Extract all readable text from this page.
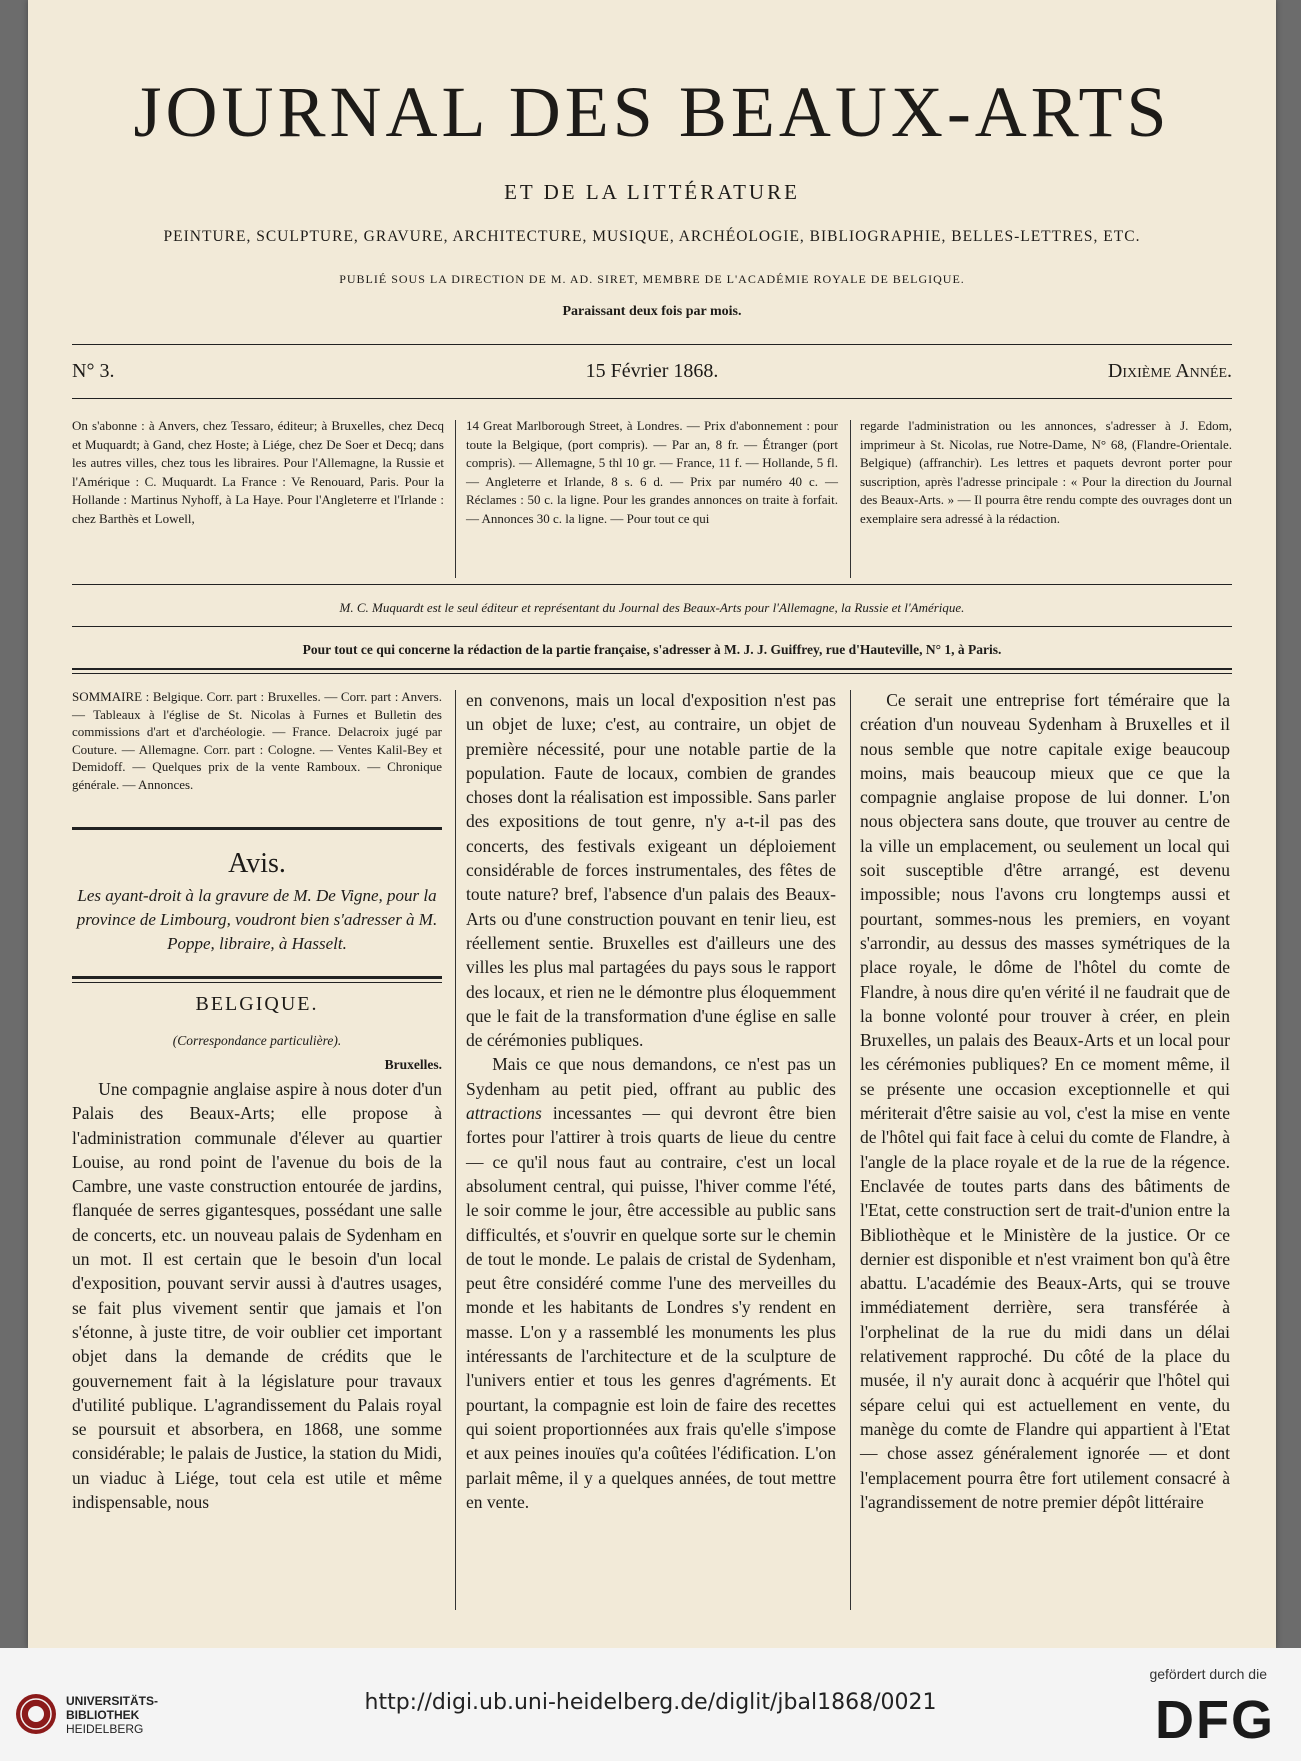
JOURNAL DES BEAUX-ARTS
ET DE LA LITTÉRATURE
PEINTURE, SCULPTURE, GRAVURE, ARCHITECTURE, MUSIQUE, ARCHÉOLOGIE, BIBLIOGRAPHIE, BELLES-LETTRES, ETC.
PUBLIÉ SOUS LA DIRECTION DE M. AD. SIRET, MEMBRE DE L'ACADÉMIE ROYALE DE BELGIQUE.
Paraissant deux fois par mois.
N° 3.	15 Février 1868.	Dixième Année.
On s'abonne : à Anvers, chez Tessaro, éditeur; à Bruxelles, chez Decq et Muquardt; à Gand, chez Hoste; à Liége, chez De Soer et Decq; dans les autres villes, chez tous les libraires. Pour l'Allemagne, la Russie et l'Amérique : C. Muquardt. La France : Ve Renouard, Paris. Pour la Hollande : Martinus Nyhoff, à La Haye. Pour l'Angleterre et l'Irlande : chez Barthès et Lowell,
14 Great Marlborough Street, à Londres. — Prix d'abonnement : pour toute la Belgique, (port compris). — Par an, 8 fr. — Étranger (port compris). — Allemagne, 5 thl 10 gr. — France, 11 f. — Hollande, 5 fl. — Angleterre et Irlande, 8 s. 6 d. — Prix par numéro 40 c. — Réclames : 50 c. la ligne. Pour les grandes annonces on traite à forfait. — Annonces 30 c. la ligne. — Pour tout ce qui
regarde l'administration ou les annonces, s'adresser à J. Edom, imprimeur à St. Nicolas, rue Notre-Dame, N° 68, (Flandre-Orientale. Belgique) (affranchir). Les lettres et paquets devront porter pour suscription, après l'adresse principale : « Pour la direction du Journal des Beaux-Arts. » — Il pourra être rendu compte des ouvrages dont un exemplaire sera adressé à la rédaction.
M. C. Muquardt est le seul éditeur et représentant du Journal des Beaux-Arts pour l'Allemagne, la Russie et l'Amérique.
Pour tout ce qui concerne la rédaction de la partie française, s'adresser à M. J. J. Guiffrey, rue d'Hauteville, N° 1, à Paris.

SOMMAIRE : Belgique. Corr. part : Bruxelles. — Corr. part : Anvers. — Tableaux à l'église de St. Nicolas à Furnes et Bulletin des commissions d'art et d'archéologie. — France. Delacroix jugé par Couture. — Allemagne. Corr. part : Cologne. — Ventes Kalil-Bey et Demidoff. — Quelques prix de la vente Ramboux. — Chronique générale. — Annonces.

Avis.

Les ayant-droit à la gravure de M. De Vigne, pour la province de Limbourg, voudront bien s'adresser à M. Poppe, libraire, à Hasselt.

BELGIQUE.
(Correspondance particulière).
Bruxelles.

Une compagnie anglaise aspire à nous doter d'un Palais des Beaux-Arts; elle propose à l'administration communale d'élever au quartier Louise, au rond point de l'avenue du bois de la Cambre, une vaste construction entourée de jardins, flanquée de serres gigantesques, possédant une salle de concerts, etc. un nouveau palais de Sydenham en un mot. Il est certain que le besoin d'un local d'exposition, pouvant servir aussi à d'autres usages, se fait plus vivement sentir que jamais et l'on s'étonne, à juste titre, de voir oublier cet important objet dans la demande de crédits que le gouvernement fait à la législature pour travaux d'utilité publique. L'agrandissement du Palais royal se poursuit et absorbera, en 1868, une somme considérable; le palais de Justice, la station du Midi, un viaduc à Liége, tout cela est utile et même indispensable, nous

en convenons, mais un local d'exposition n'est pas un objet de luxe; c'est, au contraire, un objet de première nécessité, pour une notable partie de la population. Faute de locaux, combien de grandes choses dont la réalisation est impossible. Sans parler des expositions de tout genre, n'y a-t-il pas des concerts, des festivals exigeant un déploiement considérable de forces instrumentales, des fêtes de toute nature? bref, l'absence d'un palais des Beaux-Arts ou d'une construction pouvant en tenir lieu, est réellement sentie. Bruxelles est d'ailleurs une des villes les plus mal partagées du pays sous le rapport des locaux, et rien ne le démontre plus éloquemment que le fait de la transformation d'une église en salle de cérémonies publiques.

Mais ce que nous demandons, ce n'est pas un Sydenham au petit pied, offrant au public des attractions incessantes — qui devront être bien fortes pour l'attirer à trois quarts de lieue du centre — ce qu'il nous faut au contraire, c'est un local absolument central, qui puisse, l'hiver comme l'été, le soir comme le jour, être accessible au public sans difficultés, et s'ouvrir en quelque sorte sur le chemin de tout le monde. Le palais de cristal de Sydenham, peut être considéré comme l'une des merveilles du monde et les habitants de Londres s'y rendent en masse. L'on y a rassemblé les monuments les plus intéressants de l'architecture et de la sculpture de l'univers entier et tous les genres d'agréments. Et pourtant, la compagnie est loin de faire des recettes qui soient proportionnées aux frais qu'elle s'impose et aux peines inouïes qu'a coûtées l'édification. L'on parlait même, il y a quelques années, de tout mettre en vente.

Ce serait une entreprise fort téméraire que la création d'un nouveau Sydenham à Bruxelles et il nous semble que notre capitale exige beaucoup moins, mais beaucoup mieux que ce que la compagnie anglaise propose de lui donner. L'on nous objectera sans doute, que trouver au centre de la ville un emplacement, ou seulement un local qui soit susceptible d'être arrangé, est devenu impossible; nous l'avons cru longtemps aussi et pourtant, sommes-nous les premiers, en voyant s'arrondir, au dessus des masses symétriques de la place royale, le dôme de l'hôtel du comte de Flandre, à nous dire qu'en vérité il ne faudrait que de la bonne volonté pour trouver à créer, en plein Bruxelles, un palais des Beaux-Arts et un local pour les cérémonies publiques? En ce moment même, il se présente une occasion exceptionnelle et qui mériterait d'être saisie au vol, c'est la mise en vente de l'hôtel qui fait face à celui du comte de Flandre, à l'angle de la place royale et de la rue de la régence. Enclavée de toutes parts dans des bâtiments de l'Etat, cette construction sert de trait-d'union entre la Bibliothèque et le Ministère de la justice. Or ce dernier est disponible et n'est vraiment bon qu'à être abattu. L'académie des Beaux-Arts, qui se trouve immédiatement derrière, sera transférée à l'orphelinat de la rue du midi dans un délai relativement rapproché. Du côté de la place du musée, il n'y aurait donc à acquérir que l'hôtel qui sépare celui qui est actuellement en vente, du manège du comte de Flandre qui appartient à l'Etat — chose assez généralement ignorée — et dont l'emplacement pourra être fort utilement consacré à l'agrandissement de notre premier dépôt littéraire

UNIVERSITÄTS-
BIBLIOTHEK
HEIDELBERG
http://digi.ub.uni-heidelberg.de/diglit/jbal1868/0021
gefördert durch die
DFG
